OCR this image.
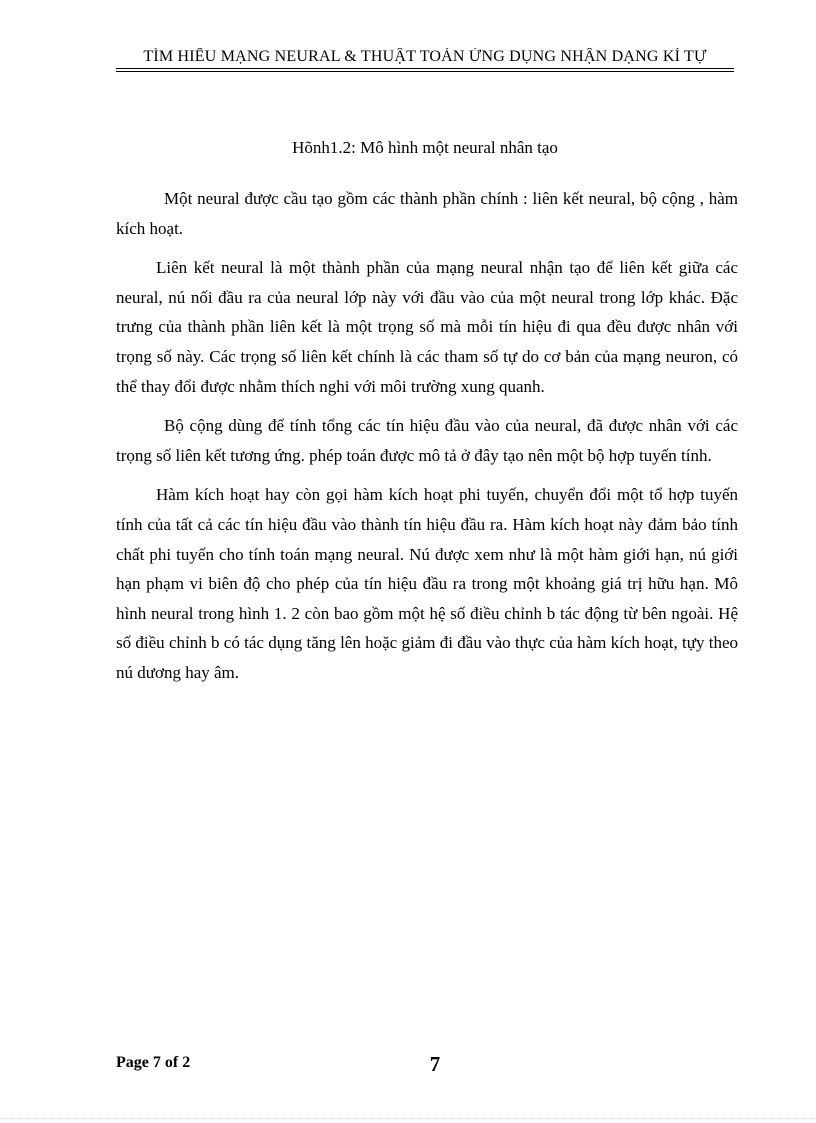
TÌM HIỂU MẠNG NEURAL & THUẬT TOÁN ỨNG DỤNG NHẬN DẠNG KÍ TỰ
Hõnh1.2: Mô hình một neural nhân tạo

Một neural được cầu tạo gồm các thành phần chính : liên kết neural, bộ cộng , hàm kích hoạt.

Liên kết neural là một thành phần của mạng neural nhận tạo để liên kết giữa các neural, nú nối đầu ra của neural lớp này với đầu vào của một neural trong lớp khác. Đặc trưng của thành phần liên kết là một trọng số mà mỗi tín hiệu đi qua đều được nhân với trọng số này. Các trọng số liên kết chính là các tham số tự do cơ bản của mạng neuron, có thể thay đổi được nhằm thích nghi với môi trường xung quanh.

Bộ cộng dùng để tính tổng các tín hiệu đầu vào của neural, đã được nhân với các trọng số liên kết tương ứng. phép toán được mô tả ở đây tạo nên một bộ hợp tuyến tính.

Hàm kích hoạt hay còn gọi hàm kích hoạt phi tuyến, chuyển đổi một tổ hợp tuyến tính của tất cả các tín hiệu đầu vào thành tín hiệu đầu ra. Hàm kích hoạt này đảm bảo tính chất phi tuyến cho tính toán mạng neural. Nú được xem như là một hàm giới hạn, nú giới hạn phạm vi biên độ cho phép của tín hiệu đầu ra trong một khoảng giá trị hữu hạn. Mô hình neural trong hình 1. 2 còn bao gồm một hệ số điều chỉnh b tác động từ bên ngoài. Hệ số điều chỉnh b có tác dụng tăng lên hoặc giảm đi đầu vào thực của hàm kích hoạt, tựy theo nú dương hay âm.

Page 7 of 2	7
